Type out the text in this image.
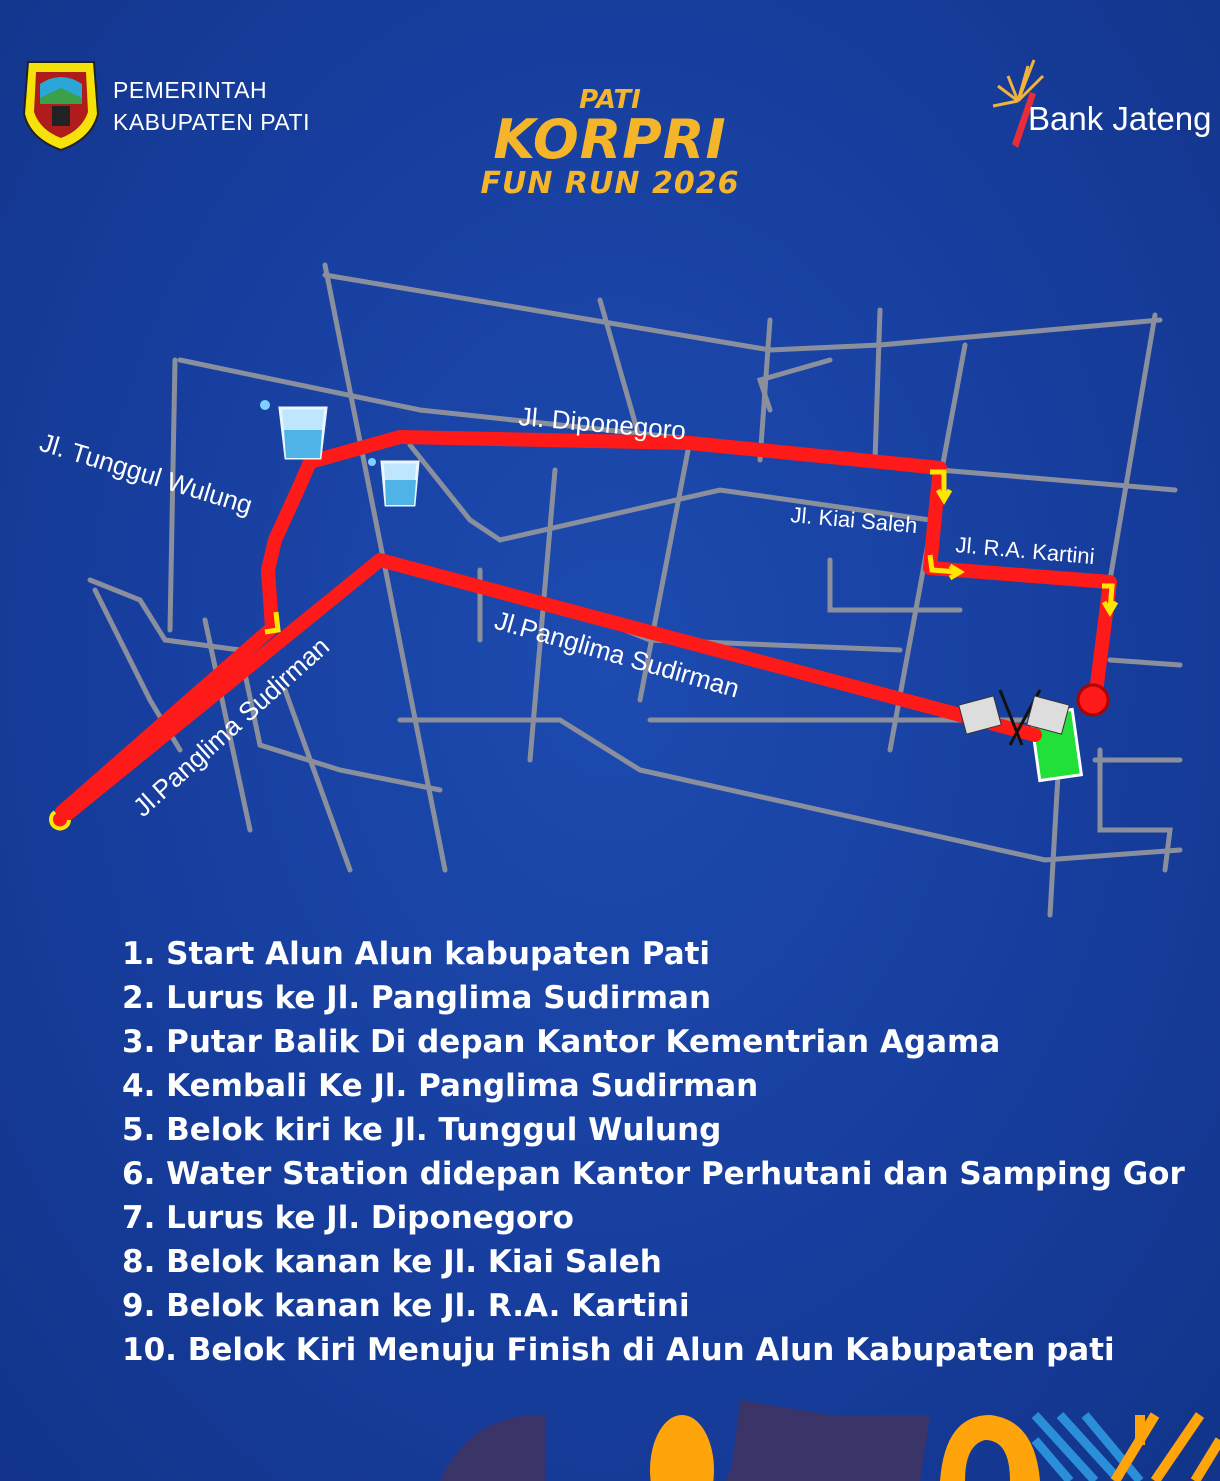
PEMERINTAH
KABUPATEN PATI
PATI
KORPRI
FUN RUN 2026
Bank Jateng
Jl. Tunggul Wulung
Jl. Diponegoro
Jl. Kiai Saleh
Jl. R.A. Kartini
Jl.Panglima Sudirman
Jl.Panglima Sudirman
1. Start Alun Alun kabupaten Pati
2. Lurus ke Jl. Panglima Sudirman
3. Putar Balik Di depan Kantor Kementrian Agama
4. Kembali Ke Jl. Panglima Sudirman
5. Belok kiri ke Jl. Tunggul Wulung
6. Water Station didepan Kantor Perhutani dan Samping Gor
7. Lurus ke Jl. Diponegoro
8. Belok kanan ke Jl. Kiai Saleh
9. Belok kanan ke Jl. R.A. Kartini
10. Belok Kiri Menuju Finish di Alun Alun Kabupaten pati
